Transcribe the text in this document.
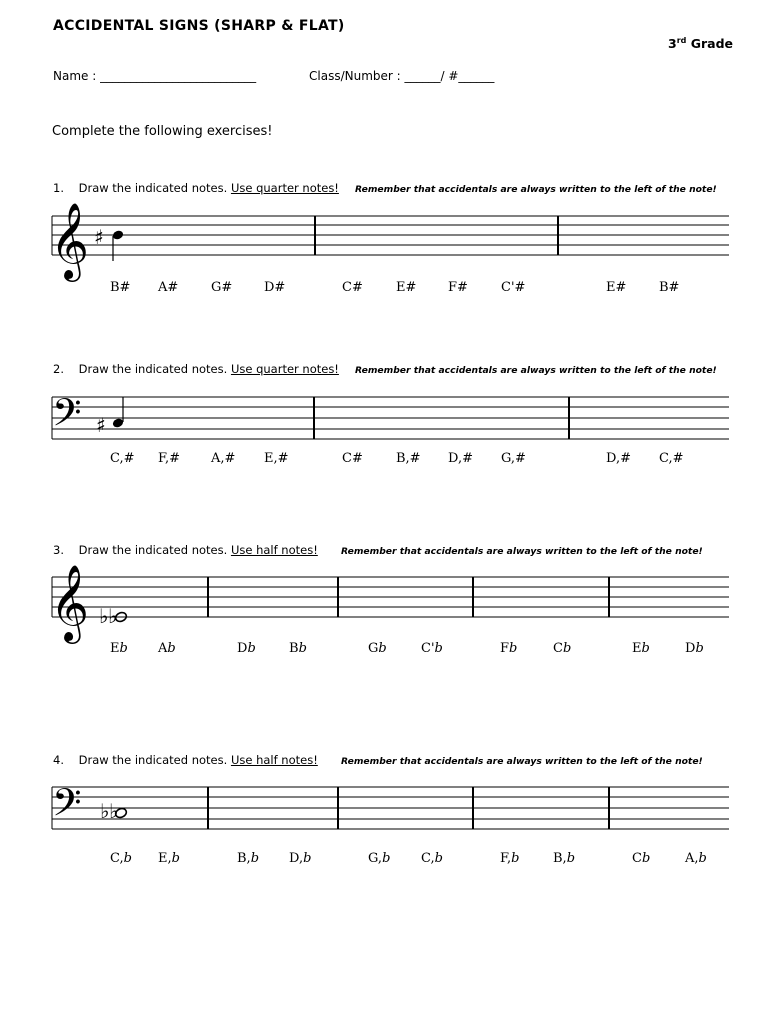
ACCIDENTAL SIGNS (SHARP & FLAT)
3rd Grade
Name : __________________________	Class/Number : ______/ #______
Complete the following exercises!
1. Draw the indicated notes. Use quarter notes! Remember that accidentals are always written to the left of the note!
𝄞 ♯
B# A#	G# D#	C#	E# F#	C'#	E#	B#
2. Draw the indicated notes. Use quarter notes! Remember that accidentals are always written to the left of the note!
𝄢 ♯
C,# F,# A,# E,#	C#	B,# D,# G,#	D,# C,#
3. Draw the indicated notes. Use half notes!	Remember that accidentals are always written to the left of the note!
𝄞 ♭ ♭
Eb Ab	Db	Bb	Gb	C'b	Fb	Cb	Eb	Db
4. Draw the indicated notes. Use half notes!	Remember that accidentals are always written to the left of the note!
𝄢 ♭ ♭
C,b E,b	B,b D,b	G,b C,b	F,b	B,b	Cb	A,b
